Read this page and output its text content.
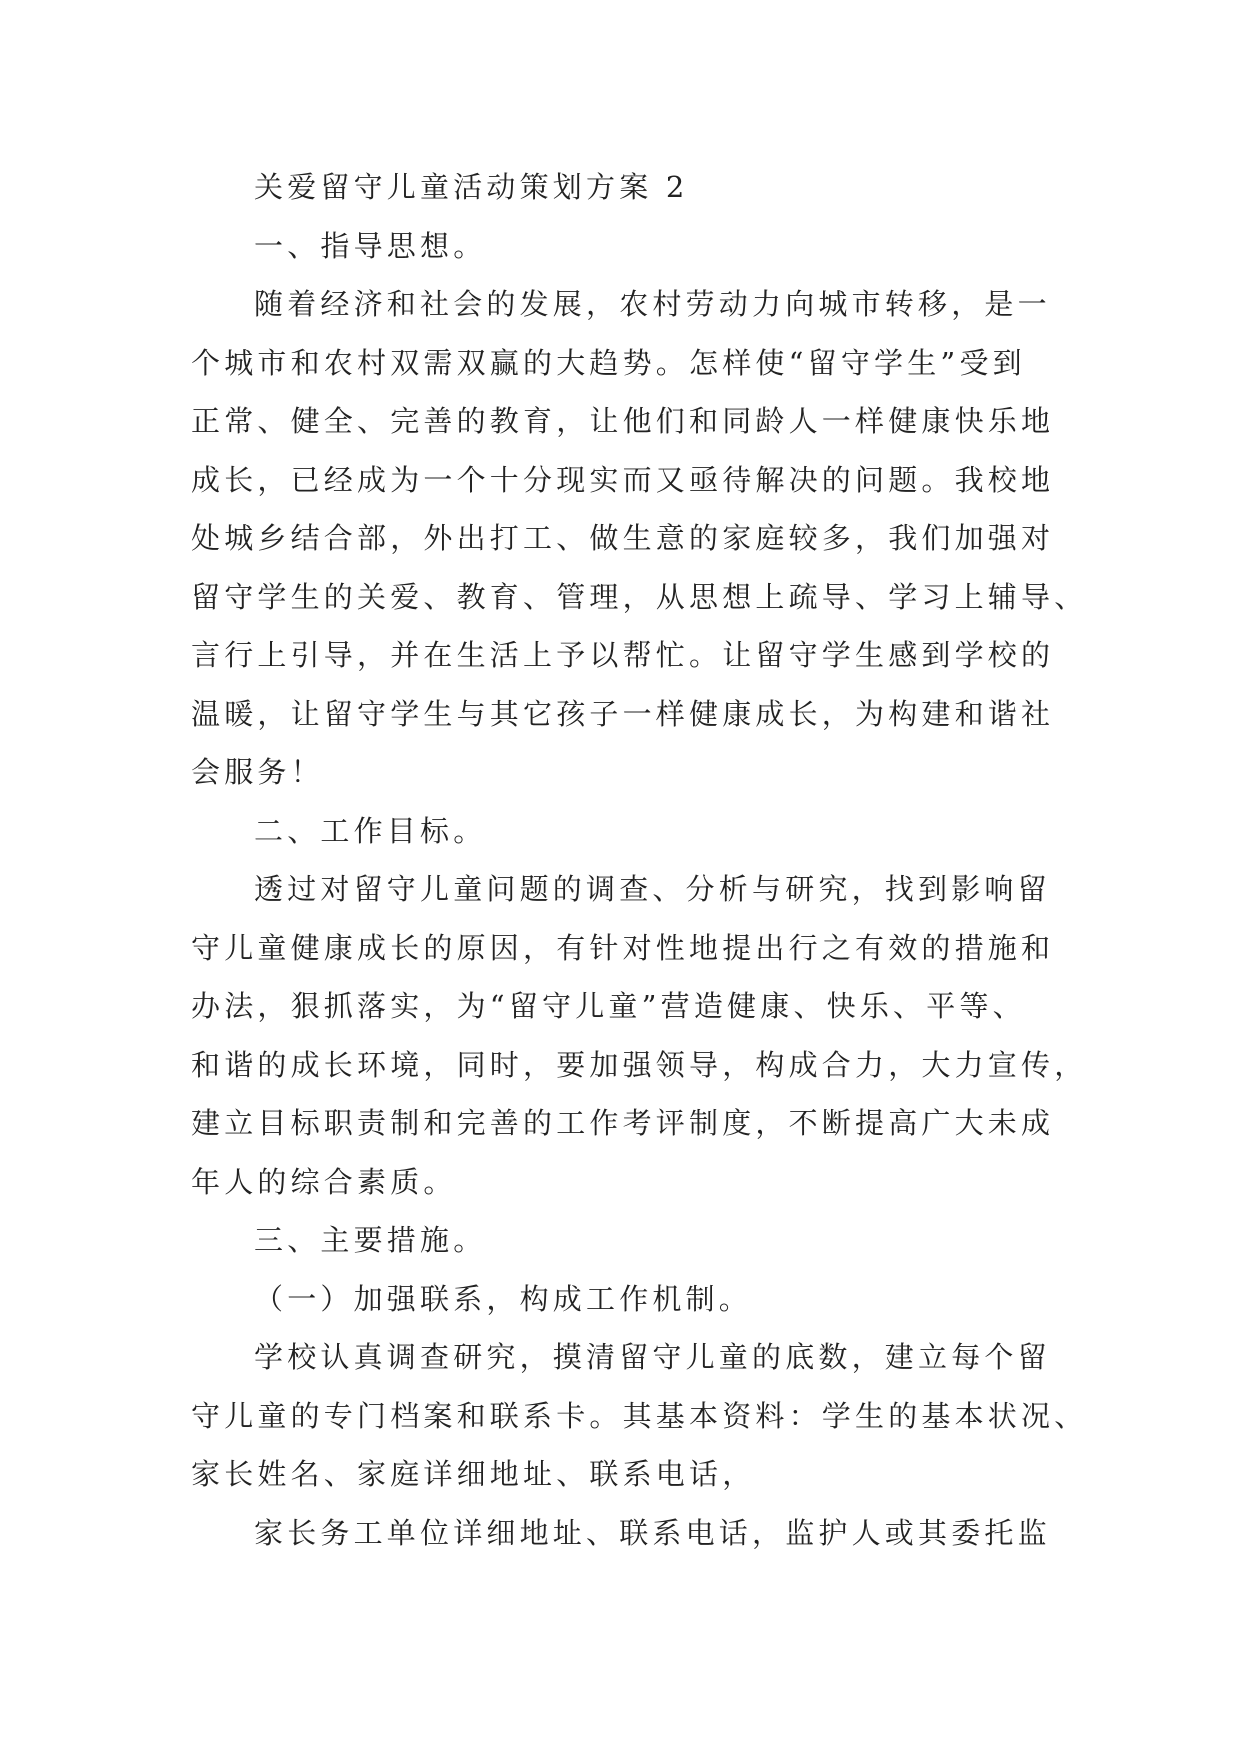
关爱留守儿童活动策划方案 2
一、指导思想。
随着经济和社会的发展，农村劳动力向城市转移，是一
个城市和农村双需双赢的大趋势。怎样使“留守学生”受到
正常、健全、完善的教育，让他们和同龄人一样健康快乐地
成长，已经成为一个十分现实而又亟待解决的问题。我校地
处城乡结合部，外出打工、做生意的家庭较多，我们加强对
留守学生的关爱、教育、管理，从思想上疏导、学习上辅导、
言行上引导，并在生活上予以帮忙。让留守学生感到学校的
温暖，让留守学生与其它孩子一样健康成长，为构建和谐社
会服务！
二、工作目标。
透过对留守儿童问题的调查、分析与研究，找到影响留
守儿童健康成长的原因，有针对性地提出行之有效的措施和
办法，狠抓落实，为“留守儿童”营造健康、快乐、平等、
和谐的成长环境，同时，要加强领导，构成合力，大力宣传，
建立目标职责制和完善的工作考评制度，不断提高广大未成
年人的综合素质。
三、主要措施。
（一）加强联系，构成工作机制。
学校认真调查研究，摸清留守儿童的底数，建立每个留
守儿童的专门档案和联系卡。其基本资料：学生的基本状况、
家长姓名、家庭详细地址、联系电话，
家长务工单位详细地址、联系电话，监护人或其委托监
